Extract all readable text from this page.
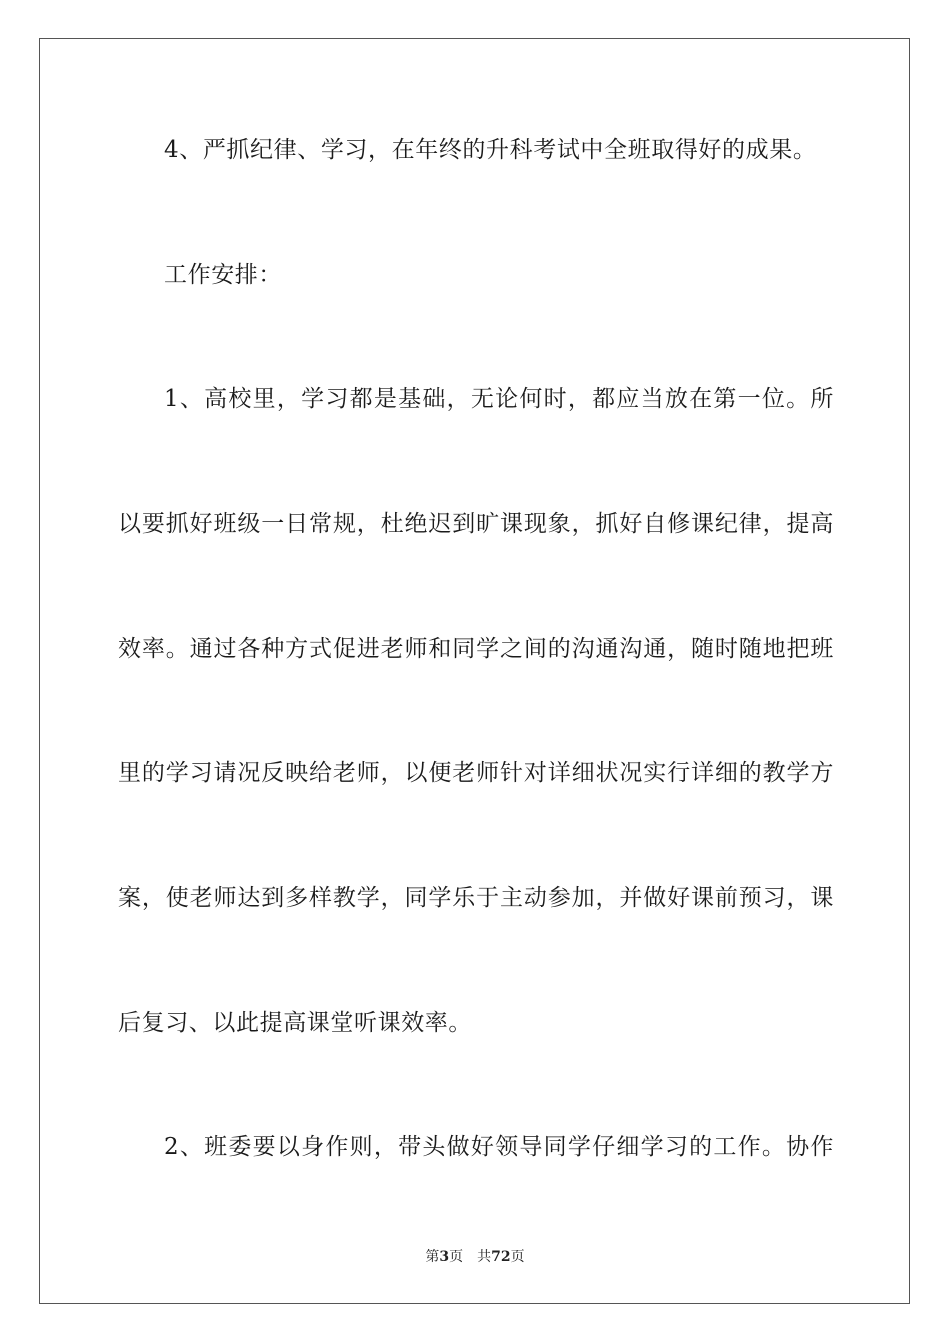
4、严抓纪律、学习，在年终的升科考试中全班取得好的成果。
工作安排：
1、高校里，学习都是基础，无论何时，都应当放在第一位。所
以要抓好班级一日常规，杜绝迟到旷课现象，抓好自修课纪律，提高
效率。通过各种方式促进老师和同学之间的沟通沟通，随时随地把班
里的学习请况反映给老师，以便老师针对详细状况实行详细的教学方
案，使老师达到多样教学，同学乐于主动参加，并做好课前预习，课
后复习、以此提高课堂听课效率。
2、班委要以身作则，带头做好领导同学仔细学习的工作。协作
第3页 共72页
